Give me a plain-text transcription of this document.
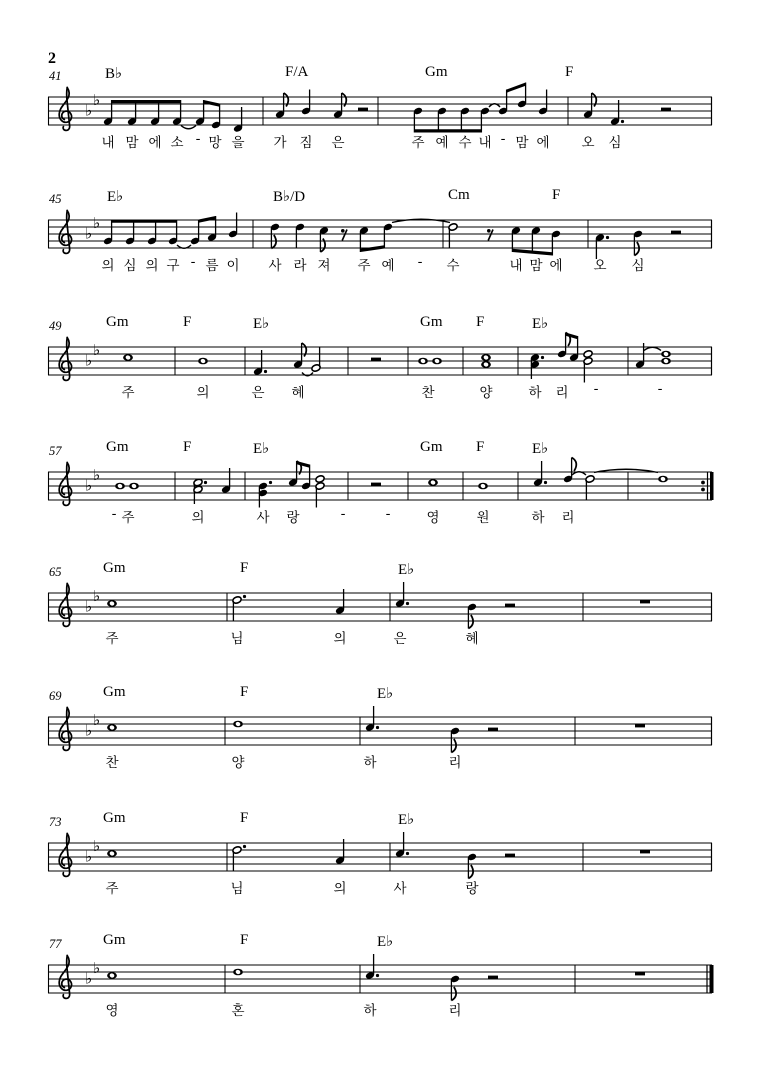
2
41	B♭	F/A	Gm	F
♭
♭
내 맘 에 소 - 망 을 가 짐 은	주 예 수 내 - 맘 에 오 심
45	E♭	B♭/D	Cm	F
♭
♭
의 심 의 구 - 름 이 사 라 져 주 예 - 수	내 맘 에 오 심
49	Gm	F	E♭	Gm F	E♭
♭
♭
주	의	은 혜	찬	양	하 리 -	-
57	Gm	F	E♭	Gm F	E♭
♭
♭
- 주	의	사 랑	-	-	영	원	하 리
65	Gm	F	E♭
♭
♭
주	님	의	은	혜
69	Gm	F	E♭
♭
♭
찬	양	하	리
73	Gm	F	E♭
♭
♭
주	님	의	사	랑
77	Gm	F	E♭
♭
♭
영	혼	하	리
